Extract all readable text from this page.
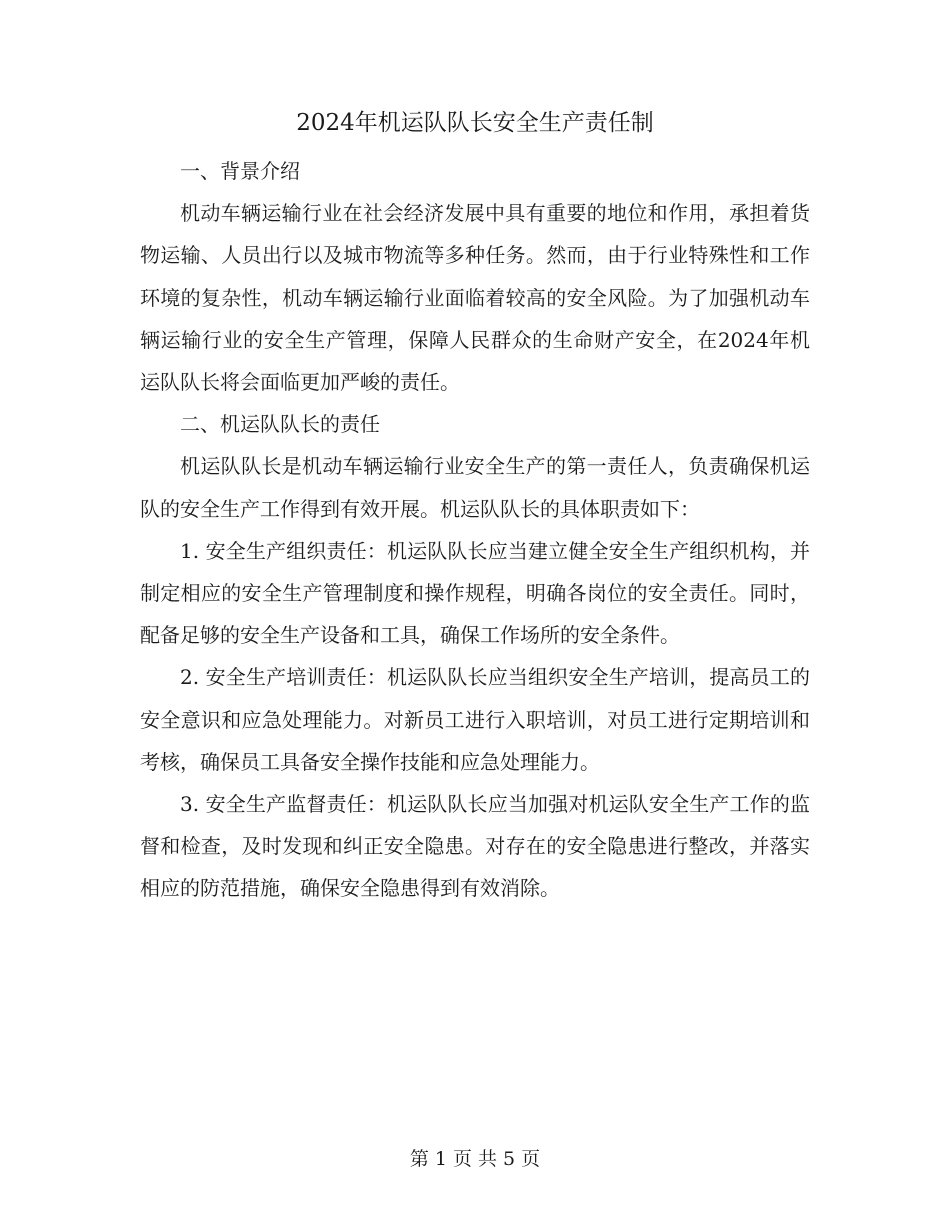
2024年机运队队长安全生产责任制

一、背景介绍

机动车辆运输行业在社会经济发展中具有重要的地位和作用，承担着货物运输、人员出行以及城市物流等多种任务。然而，由于行业特殊性和工作环境的复杂性，机动车辆运输行业面临着较高的安全风险。为了加强机动车辆运输行业的安全生产管理，保障人民群众的生命财产安全，在2024年机运队队长将会面临更加严峻的责任。

二、机运队队长的责任

机运队队长是机动车辆运输行业安全生产的第一责任人，负责确保机运队的安全生产工作得到有效开展。机运队队长的具体职责如下：

1. 安全生产组织责任：机运队队长应当建立健全安全生产组织机构，并制定相应的安全生产管理制度和操作规程，明确各岗位的安全责任。同时，配备足够的安全生产设备和工具，确保工作场所的安全条件。

2. 安全生产培训责任：机运队队长应当组织安全生产培训，提高员工的安全意识和应急处理能力。对新员工进行入职培训，对员工进行定期培训和考核，确保员工具备安全操作技能和应急处理能力。

3. 安全生产监督责任：机运队队长应当加强对机运队安全生产工作的监督和检查，及时发现和纠正安全隐患。对存在的安全隐患进行整改，并落实相应的防范措施，确保安全隐患得到有效消除。

第 1 页 共 5 页
